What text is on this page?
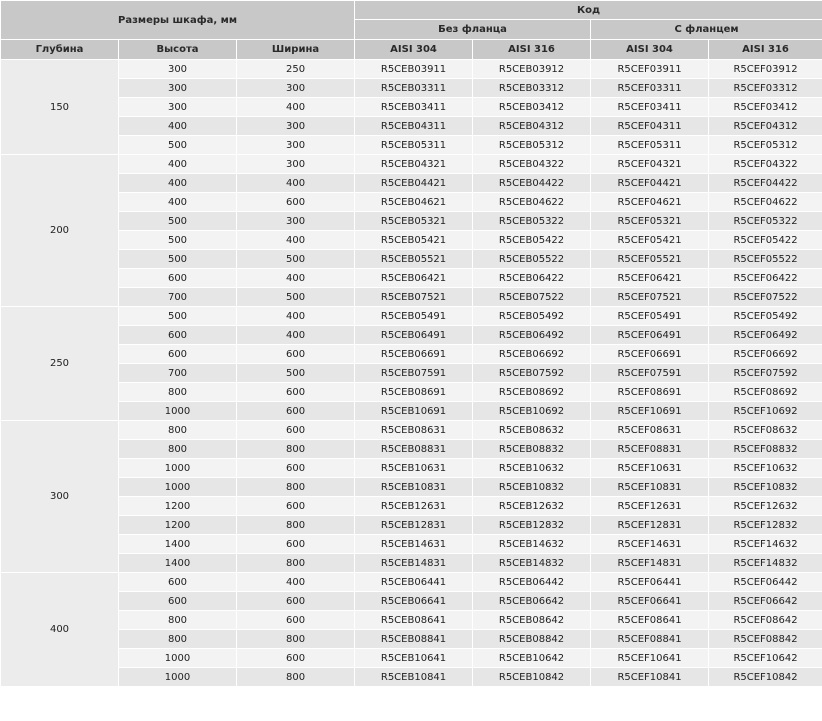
Размеры шкафа, мм			Код			
			Без фланца		С фланцем	
Глубина	Высота	Ширина	AISI 304	AISI 316	AISI 304	AISI 316
150	300	250	R5CEB03911	R5CEB03912	R5CEF03911	R5CEF03912
	300	300	R5CEB03311	R5CEB03312	R5CEF03311	R5CEF03312
	300	400	R5CEB03411	R5CEB03412	R5CEF03411	R5CEF03412
	400	300	R5CEB04311	R5CEB04312	R5CEF04311	R5CEF04312
	500	300	R5CEB05311	R5CEB05312	R5CEF05311	R5CEF05312
200	400	300	R5CEB04321	R5CEB04322	R5CEF04321	R5CEF04322
	400	400	R5CEB04421	R5CEB04422	R5CEF04421	R5CEF04422
	400	600	R5CEB04621	R5CEB04622	R5CEF04621	R5CEF04622
	500	300	R5CEB05321	R5CEB05322	R5CEF05321	R5CEF05322
	500	400	R5CEB05421	R5CEB05422	R5CEF05421	R5CEF05422
	500	500	R5CEB05521	R5CEB05522	R5CEF05521	R5CEF05522
	600	400	R5CEB06421	R5CEB06422	R5CEF06421	R5CEF06422
	700	500	R5CEB07521	R5CEB07522	R5CEF07521	R5CEF07522
250	500	400	R5CEB05491	R5CEB05492	R5CEF05491	R5CEF05492
	600	400	R5CEB06491	R5CEB06492	R5CEF06491	R5CEF06492
	600	600	R5CEB06691	R5CEB06692	R5CEF06691	R5CEF06692
	700	500	R5CEB07591	R5CEB07592	R5CEF07591	R5CEF07592
	800	600	R5CEB08691	R5CEB08692	R5CEF08691	R5CEF08692
	1000	600	R5CEB10691	R5CEB10692	R5CEF10691	R5CEF10692
300	800	600	R5CEB08631	R5CEB08632	R5CEF08631	R5CEF08632
	800	800	R5CEB08831	R5CEB08832	R5CEF08831	R5CEF08832
	1000	600	R5CEB10631	R5CEB10632	R5CEF10631	R5CEF10632
	1000	800	R5CEB10831	R5CEB10832	R5CEF10831	R5CEF10832
	1200	600	R5CEB12631	R5CEB12632	R5CEF12631	R5CEF12632
	1200	800	R5CEB12831	R5CEB12832	R5CEF12831	R5CEF12832
	1400	600	R5CEB14631	R5CEB14632	R5CEF14631	R5CEF14632
	1400	800	R5CEB14831	R5CEB14832	R5CEF14831	R5CEF14832
400	600	400	R5CEB06441	R5CEB06442	R5CEF06441	R5CEF06442
	600	600	R5CEB06641	R5CEB06642	R5CEF06641	R5CEF06642
	800	600	R5CEB08641	R5CEB08642	R5CEF08641	R5CEF08642
	800	800	R5CEB08841	R5CEB08842	R5CEF08841	R5CEF08842
	1000	600	R5CEB10641	R5CEB10642	R5CEF10641	R5CEF10642
	1000	800	R5CEB10841	R5CEB10842	R5CEF10841	R5CEF10842
